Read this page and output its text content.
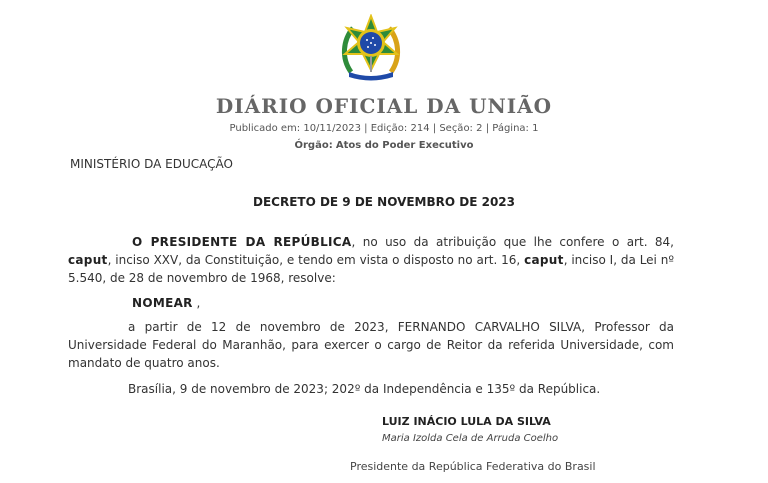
DIÁRIO OFICIAL DA UNIÃO
Publicado em: 10/11/2023 | Edição: 214 | Seção: 2 | Página: 1
Órgão: Atos do Poder Executivo
MINISTÉRIO DA EDUCAÇÃO
DECRETO DE 9 DE NOVEMBRO DE 2023
O PRESIDENTE DA REPÚBLICA, no uso da atribuição que lhe confere o art. 84, caput, inciso XXV, da Constituição, e tendo em vista o disposto no art. 16, caput, inciso I, da Lei nº 5.540, de 28 de novembro de 1968, resolve:
NOMEAR ,
a partir de 12 de novembro de 2023, FERNANDO CARVALHO SILVA, Professor da Universidade Federal do Maranhão, para exercer o cargo de Reitor da referida Universidade, com mandato de quatro anos.
Brasília, 9 de novembro de 2023; 202º da Independência e 135º da República.
LUIZ INÁCIO LULA DA SILVA
Maria Izolda Cela de Arruda Coelho
Presidente da República Federativa do Brasil
